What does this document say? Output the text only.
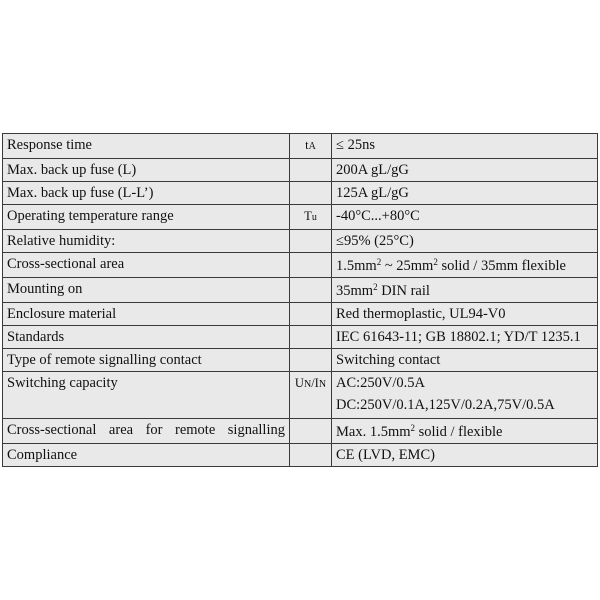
Response time	tA	≤ 25ns
Max. back up fuse (L)		200A gL/gG
Max. back up fuse (L-L’)		125A gL/gG
Operating temperature range	Tu	-40°C...+80°C
Relative humidity:		≤95% (25°C)
Cross-sectional area		$1.5mm^2$ ~ $25mm^2$ solid / 35mm flexible
Mounting on		$35mm^2$ DIN rail
Enclosure material		Red thermoplastic, UL94-V0
Standards		IEC 61643-11; GB 18802.1; YD/T 1235.1
Type of remote signalling contact		Switching contact
Switching capacity	UN/IN	AC:250V/0.5A
DC:250V/0.1A,125V/0.2A,75V/0.5A

Cross-sectional area for remote signalling		Max. $1.5mm^2$ solid / flexible
Compliance		CE (LVD, EMC)
